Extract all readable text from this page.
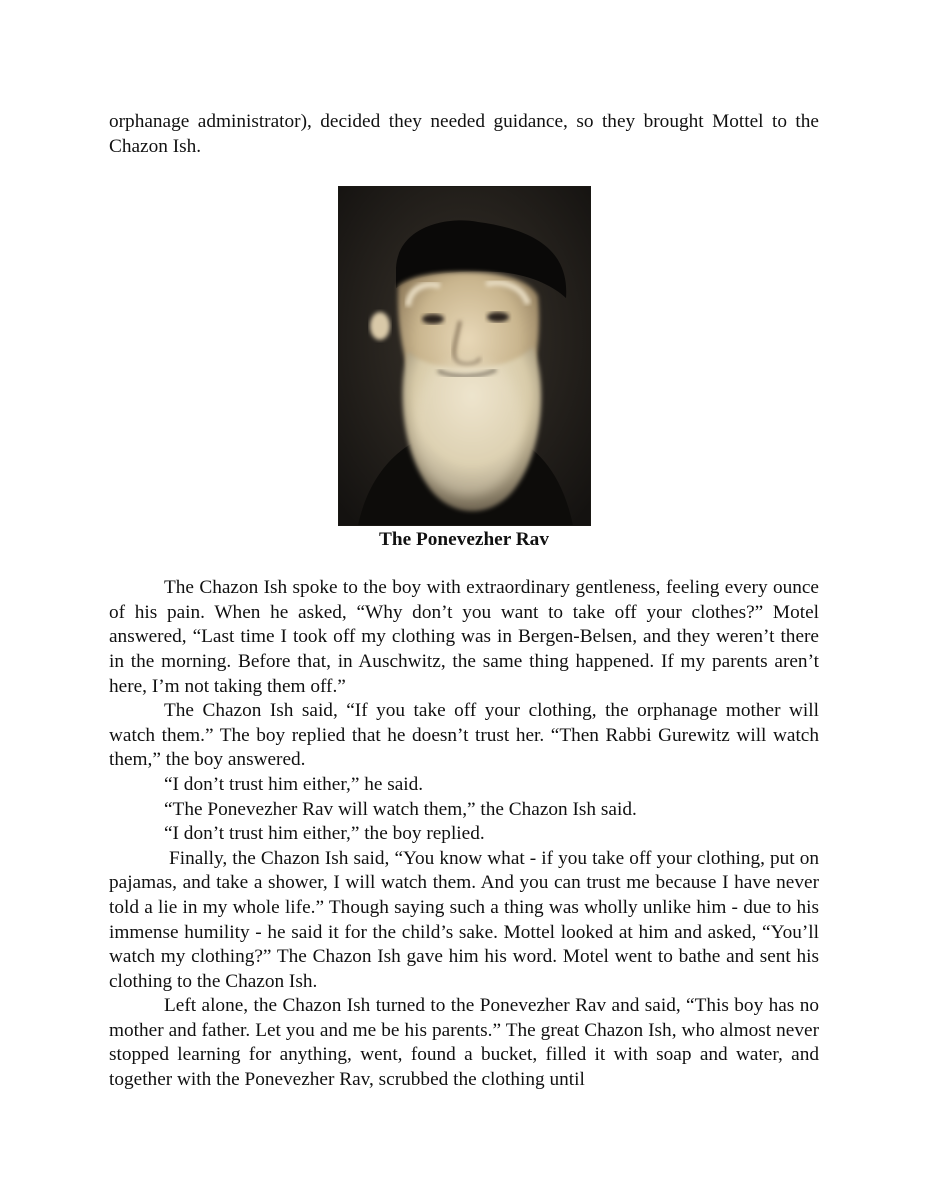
orphanage administrator), decided they needed guidance, so they brought Mottel to the Chazon Ish.

The Ponevezher Rav

The Chazon Ish spoke to the boy with extraordinary gentleness, feeling every ounce of his pain. When he asked, “Why don’t you want to take off your clothes?” Motel answered, “Last time I took off my clothing was in Bergen-Belsen, and they weren’t there in the morning. Before that, in Auschwitz, the same thing happened. If my parents aren’t here, I’m not taking them off.”

The Chazon Ish said, “If you take off your clothing, the orphanage mother will watch them.” The boy replied that he doesn’t trust her. “Then Rabbi Gurewitz will watch them,” the boy answered.

“I don’t trust him either,” he said.

“The Ponevezher Rav will watch them,” the Chazon Ish said.

“I don’t trust him either,” the boy replied.

Finally, the Chazon Ish said, “You know what - if you take off your clothing, put on pajamas, and take a shower, I will watch them. And you can trust me because I have never told a lie in my whole life.” Though saying such a thing was wholly unlike him - due to his immense humility - he said it for the child’s sake. Mottel looked at him and asked, “You’ll watch my clothing?” The Chazon Ish gave him his word. Motel went to bathe and sent his clothing to the Chazon Ish.

Left alone, the Chazon Ish turned to the Ponevezher Rav and said, “This boy has no mother and father. Let you and me be his parents.” The great Chazon Ish, who almost never stopped learning for anything, went, found a bucket, filled it with soap and water, and together with the Ponevezher Rav, scrubbed the clothing until
